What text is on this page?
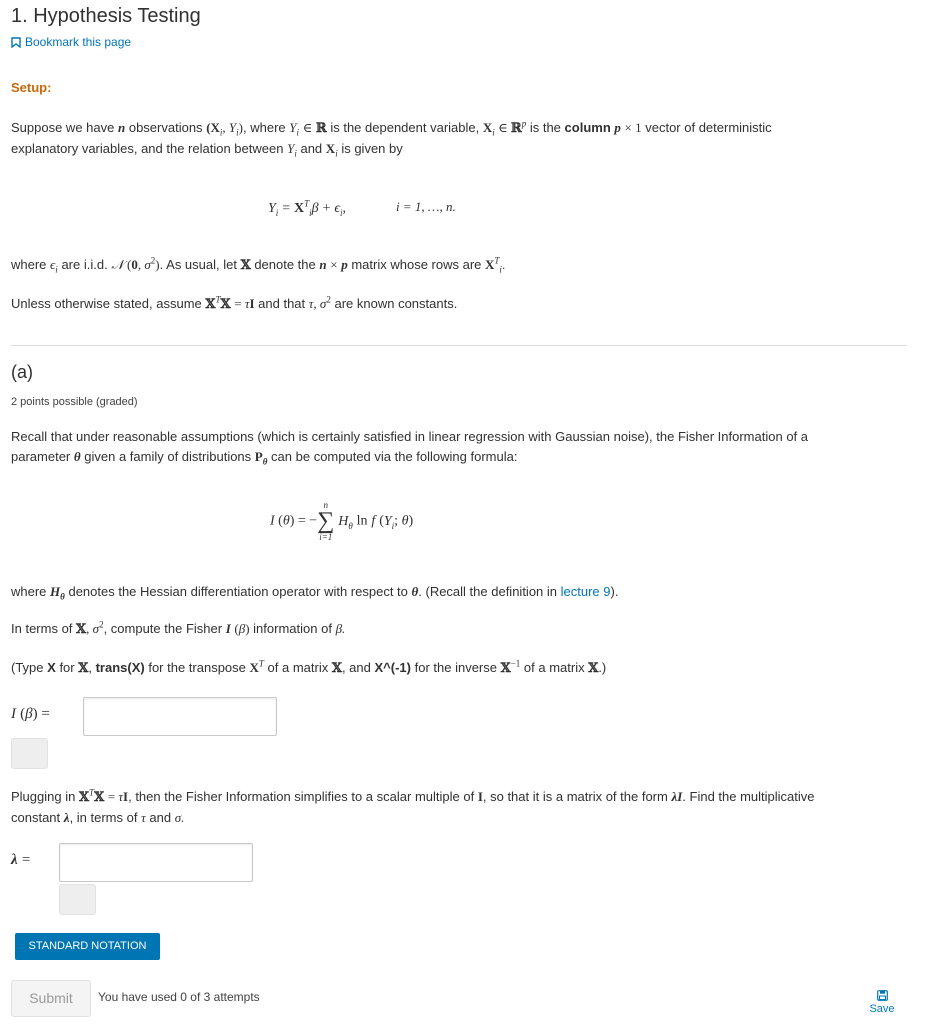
1. Hypothesis Testing
Bookmark this page
Setup:
Suppose we have n observations ($X_i$, $Y_i$), where $Y_i$ ∈ ℝ is the dependent variable, $X_i$ ∈ ℝ$^p$ is the column p × 1 vector of deterministic
explanatory variables, and the relation between $Y_i$ and $X_i$ is given by
$Y_i = X^T_i\beta + \epsilon_i$,	i = 1, …, n.
where $\epsilon_i$ are i.i.d. 𝒩 (0, $\sigma^2$). As usual, let 𝕏 denote the n × p matrix whose rows are $X^T_i$.
Unless otherwise stated, assume 𝕏$^T$𝕏 = τI and that τ, $\sigma^2$ are known constants.
(a)
2 points possible (graded)
Recall that under reasonable assumptions (which is certainly satisfied in linear regression with Gaussian noise), the Fisher Information of a
parameter θ given a family of distributions $P_\theta$ can be computed via the following formula:
I (θ) = −
n
∑
i=1
$H_\theta$ ln f ($Y_i$; θ)
where $H_\theta$ denotes the Hessian differentiation operator with respect to θ. (Recall the definition in lecture 9).
In terms of 𝕏, $\sigma^2$, compute the Fisher I (β) information of β.
(Type X for 𝕏, trans(X) for the transpose $X^T$ of a matrix 𝕏, and X^(-1) for the inverse 𝕏$^{-1}$ of a matrix 𝕏.)
I (β) =
Plugging in 𝕏$^T$𝕏 = τI, then the Fisher Information simplifies to a scalar multiple of I, so that it is a matrix of the form λI. Find the multiplicative
constant λ, in terms of τ and σ.
λ =
STANDARD NOTATION
Submit	You have used 0 of 3 attempts
Save
